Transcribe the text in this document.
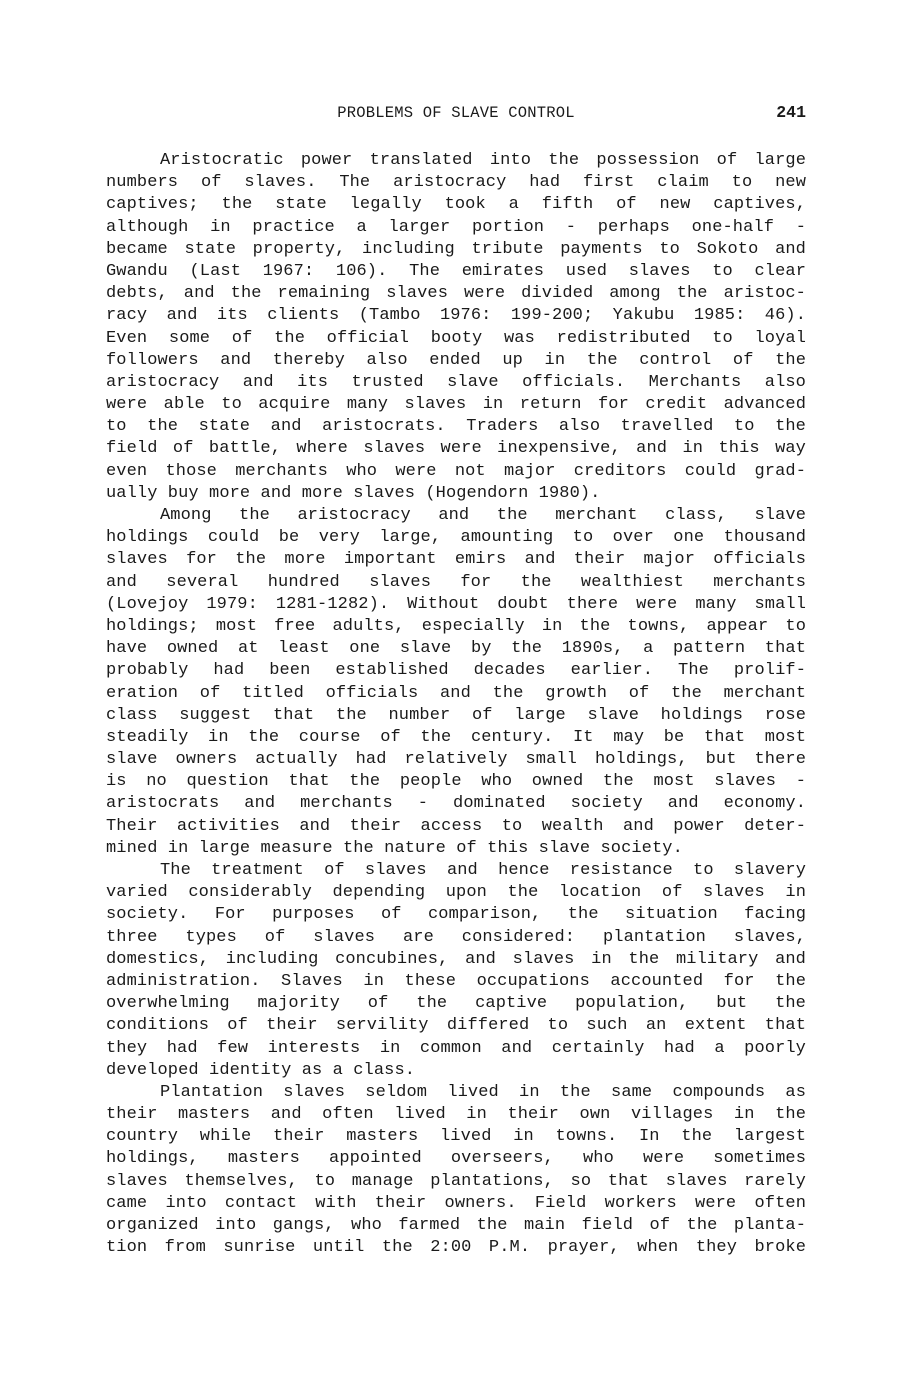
PROBLEMS OF SLAVE CONTROL	241
Aristocratic power translated into the possession of large
numbers of slaves. The aristocracy had first claim to new
captives; the state legally took a fifth of new captives,
although in practice a larger portion - perhaps one-half -
became state property, including tribute payments to Sokoto and
Gwandu (Last 1967: 106). The emirates used slaves to clear
debts, and the remaining slaves were divided among the aristoc-
racy and its clients (Tambo 1976: 199-200; Yakubu 1985: 46).
Even some of the official booty was redistributed to loyal
followers and thereby also ended up in the control of the
aristocracy and its trusted slave officials. Merchants also
were able to acquire many slaves in return for credit advanced
to the state and aristocrats. Traders also travelled to the
field of battle, where slaves were inexpensive, and in this way
even those merchants who were not major creditors could grad-
ually buy more and more slaves (Hogendorn 1980).
Among the aristocracy and the merchant class, slave
holdings could be very large, amounting to over one thousand
slaves for the more important emirs and their major officials
and several hundred slaves for the wealthiest merchants
(Lovejoy 1979: 1281-1282). Without doubt there were many small
holdings; most free adults, especially in the towns, appear to
have owned at least one slave by the 1890s, a pattern that
probably had been established decades earlier. The prolif-
eration of titled officials and the growth of the merchant
class suggest that the number of large slave holdings rose
steadily in the course of the century. It may be that most
slave owners actually had relatively small holdings, but there
is no question that the people who owned the most slaves -
aristocrats and merchants - dominated society and economy.
Their activities and their access to wealth and power deter-
mined in large measure the nature of this slave society.
The treatment of slaves and hence resistance to slavery
varied considerably depending upon the location of slaves in
society. For purposes of comparison, the situation facing
three types of slaves are considered: plantation slaves,
domestics, including concubines, and slaves in the military and
administration. Slaves in these occupations accounted for the
overwhelming majority of the captive population, but the
conditions of their servility differed to such an extent that
they had few interests in common and certainly had a poorly
developed identity as a class.
Plantation slaves seldom lived in the same compounds as
their masters and often lived in their own villages in the
country while their masters lived in towns. In the largest
holdings, masters appointed overseers, who were sometimes
slaves themselves, to manage plantations, so that slaves rarely
came into contact with their owners. Field workers were often
organized into gangs, who farmed the main field of the planta-
tion from sunrise until the 2:00 P.M. prayer, when they broke
